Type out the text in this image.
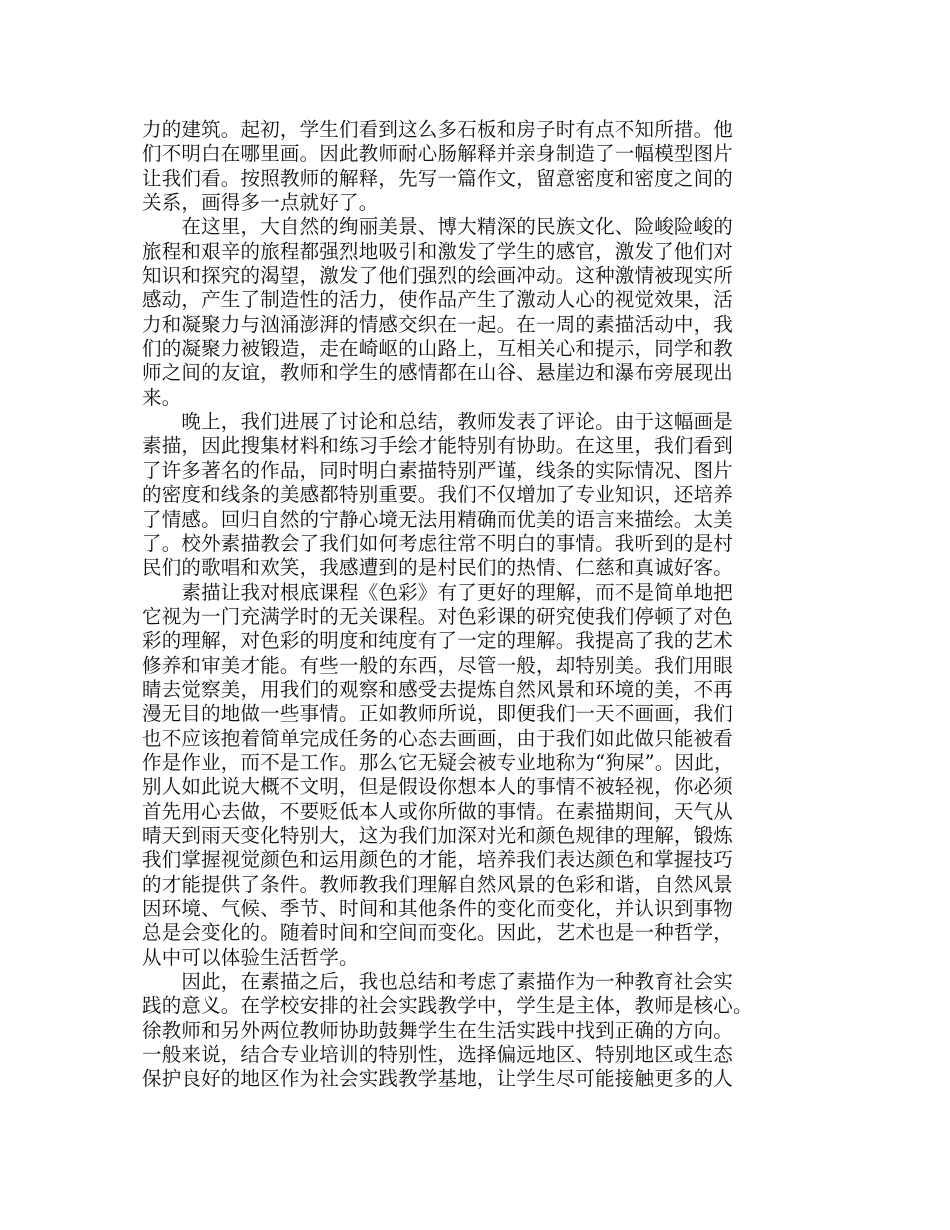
力的建筑。起初，学生们看到这么多石板和房子时有点不知所措。他
们不明白在哪里画。因此教师耐心肠解释并亲身制造了一幅模型图片
让我们看。按照教师的解释，先写一篇作文，留意密度和密度之间的
关系，画得多一点就好了。
　　在这里，大自然的绚丽美景、博大精深的民族文化、险峻险峻的
旅程和艰辛的旅程都强烈地吸引和激发了学生的感官，激发了他们对
知识和探究的渴望，激发了他们强烈的绘画冲动。这种激情被现实所
感动，产生了制造性的活力，使作品产生了激动人心的视觉效果，活
力和凝聚力与汹涌澎湃的情感交织在一起。在一周的素描活动中，我
们的凝聚力被锻造，走在崎岖的山路上，互相关心和提示，同学和教
师之间的友谊，教师和学生的感情都在山谷、悬崖边和瀑布旁展现出
来。
　　晚上，我们进展了讨论和总结，教师发表了评论。由于这幅画是
素描，因此搜集材料和练习手绘才能特别有协助。在这里，我们看到
了许多著名的作品，同时明白素描特别严谨，线条的实际情况、图片
的密度和线条的美感都特别重要。我们不仅增加了专业知识，还培养
了情感。回归自然的宁静心境无法用精确而优美的语言来描绘。太美
了。校外素描教会了我们如何考虑往常不明白的事情。我听到的是村
民们的歌唱和欢笑，我感遭到的是村民们的热情、仁慈和真诚好客。
　　素描让我对根底课程《色彩》有了更好的理解，而不是简单地把
它视为一门充满学时的无关课程。对色彩课的研究使我们停顿了对色
彩的理解，对色彩的明度和纯度有了一定的理解。我提高了我的艺术
修养和审美才能。有些一般的东西，尽管一般，却特别美。我们用眼
睛去觉察美，用我们的观察和感受去提炼自然风景和环境的美，不再
漫无目的地做一些事情。正如教师所说，即便我们一天不画画，我们
也不应该抱着简单完成任务的心态去画画，由于我们如此做只能被看
作是作业，而不是工作。那么它无疑会被专业地称为“狗屎”。因此，
别人如此说大概不文明，但是假设你想本人的事情不被轻视，你必须
首先用心去做，不要贬低本人或你所做的事情。在素描期间，天气从
晴天到雨天变化特别大，这为我们加深对光和颜色规律的理解，锻炼
我们掌握视觉颜色和运用颜色的才能，培养我们表达颜色和掌握技巧
的才能提供了条件。教师教我们理解自然风景的色彩和谐，自然风景
因环境、气候、季节、时间和其他条件的变化而变化，并认识到事物
总是会变化的。随着时间和空间而变化。因此，艺术也是一种哲学，
从中可以体验生活哲学。
　　因此，在素描之后，我也总结和考虑了素描作为一种教育社会实
践的意义。在学校安排的社会实践教学中，学生是主体，教师是核心。
徐教师和另外两位教师协助鼓舞学生在生活实践中找到正确的方向。
一般来说，结合专业培训的特别性，选择偏远地区、特别地区或生态
保护良好的地区作为社会实践教学基地，让学生尽可能接触更多的人
